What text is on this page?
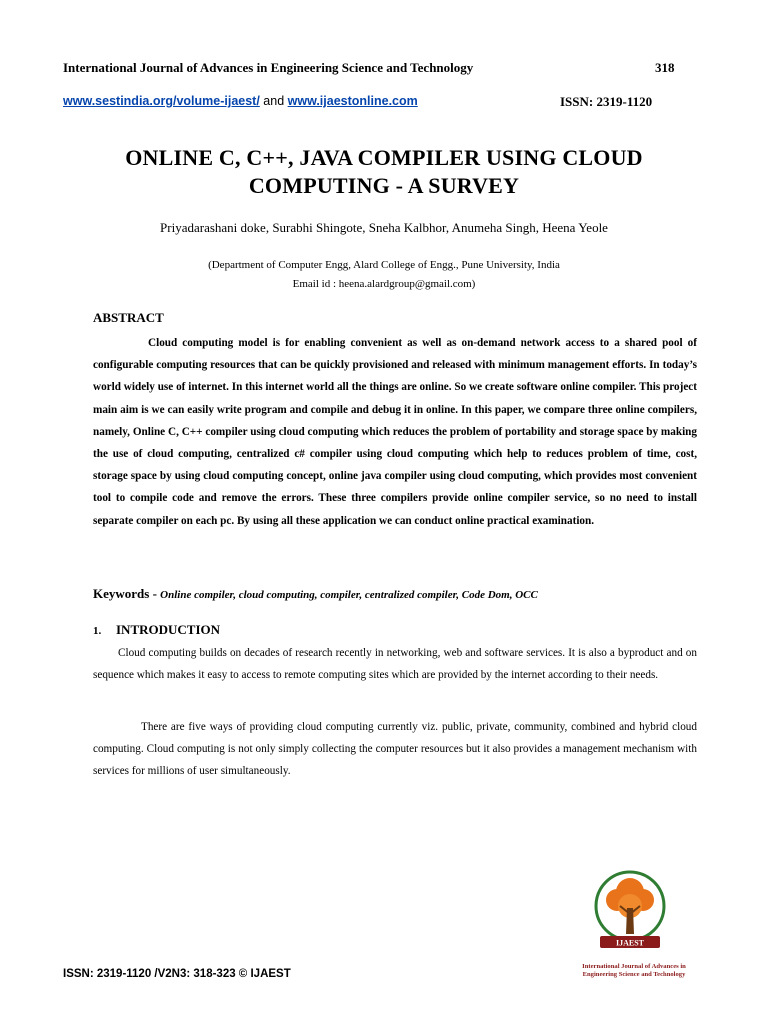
International Journal of Advances in Engineering Science and Technology	318
www.sestindia.org/volume-ijaest/ and www.ijaestonline.com	ISSN: 2319-1120
ONLINE C, C++, JAVA COMPILER USING CLOUD
COMPUTING - A SURVEY
Priyadarashani doke, Surabhi Shingote, Sneha Kalbhor, Anumeha Singh, Heena Yeole
(Department of Computer Engg, Alard College of Engg., Pune University, India
Email id : heena.alardgroup@gmail.com)
ABSTRACT
Cloud computing model is for enabling convenient as well as on-demand network access to a shared pool of configurable computing resources that can be quickly provisioned and released with minimum management efforts. In today’s world widely use of internet. In this internet world all the things are online. So we create software online compiler. This project main aim is we can easily write program and compile and debug it in online. In this paper, we compare three online compilers, namely, Online C, C++ compiler using cloud computing which reduces the problem of portability and storage space by making the use of cloud computing, centralized c# compiler using cloud computing which help to reduces problem of time, cost, storage space by using cloud computing concept, online java compiler using cloud computing, which provides most convenient tool to compile code and remove the errors. These three compilers provide online compiler service, so no need to install separate compiler on each pc. By using all these application we can conduct online practical examination.
Keywords - Online compiler, cloud computing, compiler, centralized compiler, Code Dom, OCC
1. INTRODUCTION
Cloud computing builds on decades of research recently in networking, web and software services. It is also a byproduct and on sequence which makes it easy to access to remote computing sites which are provided by the internet according to their needs.
There are five ways of providing cloud computing currently viz. public, private, community, combined and hybrid cloud computing. Cloud computing is not only simply collecting the computer resources but it also provides a management mechanism with services for millions of user simultaneously.
ISSN: 2319-1120 /V2N3: 318-323 © IJAEST
IJAEST
International Journal of Advances in
Engineering Science and Technology
